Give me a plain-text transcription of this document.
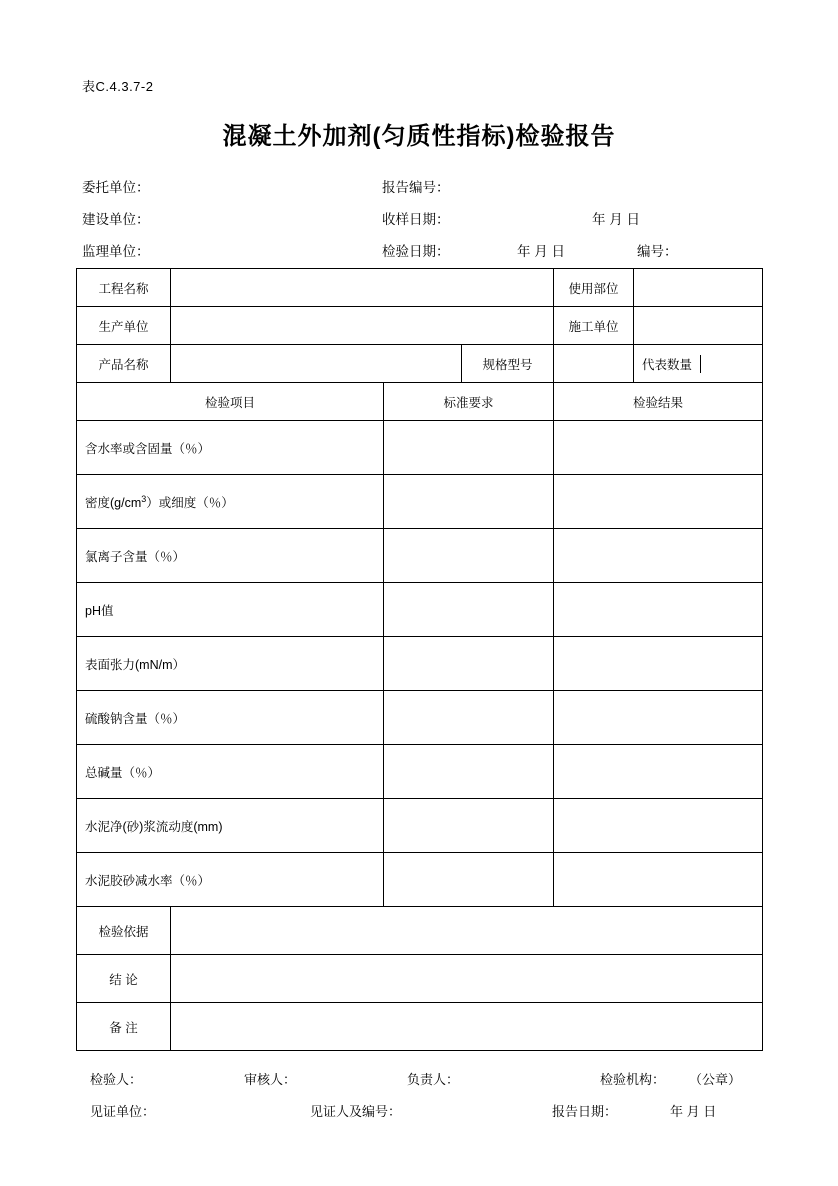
表C.4.3.7-2
混凝土外加剂(匀质性指标)检验报告
委托单位：	报告编号：
建设单位：	收样日期：	年 月 日
监理单位：	检验日期：	年 月 日	编号：
工程名称		使用部位	
生产单位		施工单位	
产品名称		规格型号			代表数量	

检验项目	标准要求	检验结果
含水率或含固量（％）		
密度$(g/cm^3)$或细度（％）		
氯离子含量（％）		
pH值		
表面张力(mN/m）		
硫酸钠含量（％）		
总碱量（％）		
水泥净(砂)浆流动度(mm)		
水泥胶砂减水率（％）		
检验依据	
结 论	
备 注	
检验人：	审核人：	负责人：	检验机构： （公章）
见证单位：	见证人及编号：	报告日期：	年 月 日
